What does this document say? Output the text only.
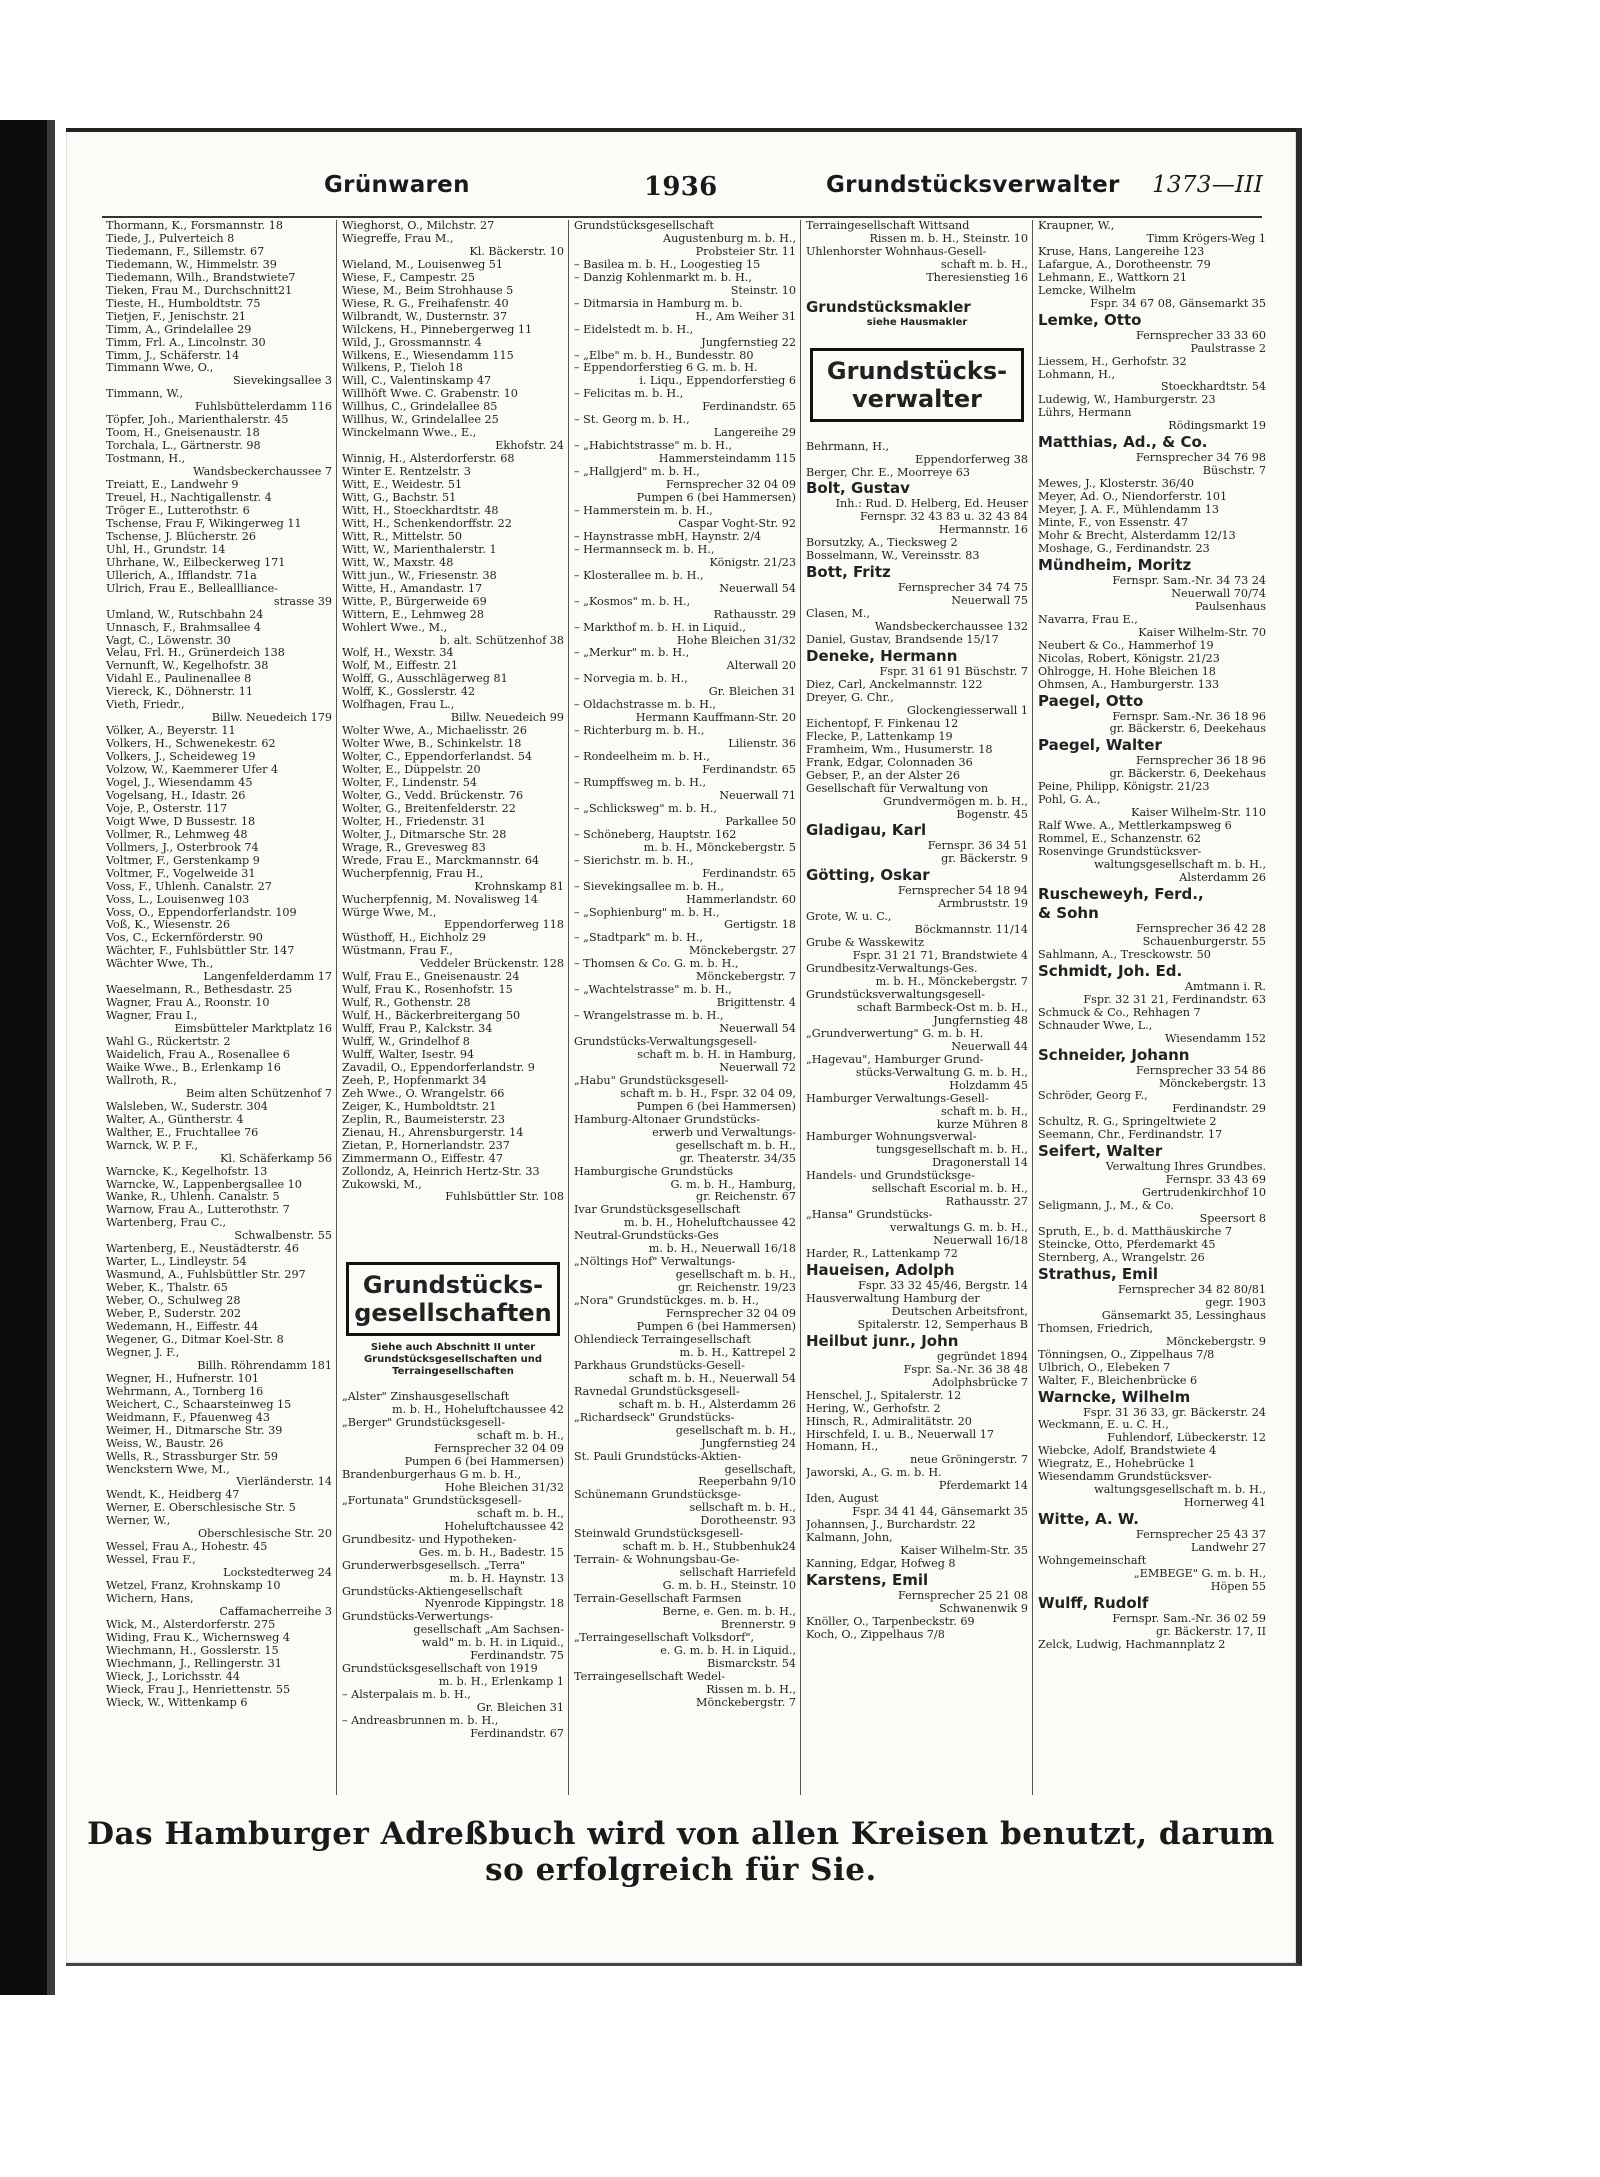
Grünwaren	1936	Grundstücksverwalter 1373—III
Thormann, K., Forsmannstr. 18
Tiede, J., Pulverteich 8
Tiedemann, F., Sillemstr. 67
Tiedemann, W., Himmelstr. 39
Tiedemann, Wilh., Brandstwiete7
Tieken, Frau M., Durchschnitt21
Tieste, H., Humboldtstr. 75
Tietjen, F., Jenischstr. 21
Timm, A., Grindelallee 29
Timm, Frl. A., Lincolnstr. 30
Timm, J., Schäferstr. 14
Timmann Wwe, O.,
Sievekingsallee 3
Timmann, W.,
Fuhlsbüttelerdamm 116
Töpfer, Joh., Marienthalerstr. 45
Toom, H., Gneisenaustr. 18
Torchala, L., Gärtnerstr. 98
Tostmann, H.,
Wandsbeckerchaussee 7
Treiatt, E., Landwehr 9
Treuel, H., Nachtigallenstr. 4
Tröger E., Lutterothstr. 6
Tschense, Frau F, Wikingerweg 11
Tschense, J. Blücherstr. 26
Uhl, H., Grundstr. 14
Uhrhane, W., Eilbeckerweg 171
Ullerich, A., Ifflandstr. 71a
Ulrich, Frau E., Belleallliance-
strasse 39
Umland, W., Rutschbahn 24
Unnasch, F., Brahmsallee 4
Vagt, C., Löwenstr. 30
Velau, Frl. H., Grünerdeich 138
Vernunft, W., Kegelhofstr. 38
Vidahl E., Paulinenallee 8
Viereck, K., Döhnerstr. 11
Vieth, Friedr.,
Billw. Neuedeich 179
Völker, A., Beyerstr. 11
Volkers, H., Schwenekestr. 62
Volkers, J., Scheideweg 19
Volzow, W., Kaemmerer Ufer 4
Vogel, J., Wiesendamm 45
Vogelsang, H., Idastr. 26
Voje, P., Osterstr. 117
Voigt Wwe, D Bussestr. 18
Vollmer, R., Lehmweg 48
Vollmers, J., Osterbrook 74
Voltmer, F., Gerstenkamp 9
Voltmer, F., Vogelweide 31
Voss, F., Uhlenh. Canalstr. 27
Voss, L., Louisenweg 103
Voss, O., Eppendorferlandstr. 109
Voß, K., Wiesenstr. 26
Vos, C., Eckernförderstr. 90
Wächter, F., Fuhlsbüttler Str. 147
Wächter Wwe, Th.,
Langenfelderdamm 17
Waeselmann, R., Bethesdastr. 25
Wagner, Frau A., Roonstr. 10
Wagner, Frau I.,
Eimsbütteler Marktplatz 16
Wahl G., Rückertstr. 2
Waidelich, Frau A., Rosenallee 6
Waike Wwe., B., Erlenkamp 16
Wallroth, R.,
Beim alten Schützenhof 7
Walsleben, W., Suderstr. 304
Walter, A., Güntherstr. 4
Walther, E., Fruchtallee 76
Warnck, W. P. F.,
Kl. Schäferkamp 56
Warncke, K., Kegelhofstr. 13
Warncke, W., Lappenbergsallee 10
Wanke, R., Uhlenh. Canalstr. 5
Warnow, Frau A., Lutterothstr. 7
Wartenberg, Frau C.,
Schwalbenstr. 55
Wartenberg, E., Neustädterstr. 46
Warter, L., Lindleystr. 54
Wasmund, A., Fuhlsbüttler Str. 297
Weber, K., Thalstr. 65
Weber, O., Schulweg 28
Weber, P., Suderstr. 202
Wedemann, H., Eiffestr. 44
Wegener, G., Ditmar Koel-Str. 8
Wegner, J. F.,
Billh. Röhrendamm 181
Wegner, H., Hufnerstr. 101
Wehrmann, A., Tornberg 16
Weichert, C., Schaarsteinweg 15
Weidmann, F., Pfauenweg 43
Weimer, H., Ditmarsche Str. 39
Weiss, W., Baustr. 26
Wells, R., Strassburger Str. 59
Wenckstern Wwe, M.,
Vierländerstr. 14
Wendt, K., Heidberg 47
Werner, E. Oberschlesische Str. 5
Werner, W.,
Oberschlesische Str. 20
Wessel, Frau A., Hohestr. 45
Wessel, Frau F.,
Lockstedterweg 24
Wetzel, Franz, Krohnskamp 10
Wichern, Hans,
Caffamacherreihe 3
Wick, M., Alsterdorferstr. 275
Widing, Frau K., Wichernsweg 4
Wiechmann, H., Gosslerstr. 15
Wiechmann, J., Rellingerstr. 31
Wieck, J., Lorichsstr. 44
Wieck, Frau J., Henriettenstr. 55
Wieck, W., Wittenkamp 6
Wieghorst, O., Milchstr. 27
Wiegreffe, Frau M.,
Kl. Bäckerstr. 10
Wieland, M., Louisenweg 51
Wiese, F., Campestr. 25
Wiese, M., Beim Strohhause 5
Wiese, R. G., Freihafenstr. 40
Wilbrandt, W., Dusternstr. 37
Wilckens, H., Pinnebergerweg 11
Wild, J., Grossmannstr. 4
Wilkens, E., Wiesendamm 115
Wilkens, P., Tieloh 18
Will, C., Valentinskamp 47
Willhöft Wwe. C. Grabenstr. 10
Willhus, C., Grindelallee 85
Willhus, W., Grindelallee 25
Winckelmann Wwe., E.,
Ekhofstr. 24
Winnig, H., Alsterdorferstr. 68
Winter E. Rentzelstr. 3
Witt, E., Weidestr. 51
Witt, G., Bachstr. 51
Witt, H., Stoeckhardtstr. 48
Witt, H., Schenkendorffstr. 22
Witt, R., Mittelstr. 50
Witt, W., Marienthalerstr. 1
Witt, W., Maxstr. 48
Witt jun., W., Friesenstr. 38
Witte, H., Amandastr. 17
Witte, P., Bürgerweide 69
Wittern, E., Lehmweg 28
Wohlert Wwe., M.,
b. alt. Schützenhof 38
Wolf, H., Wexstr. 34
Wolf, M., Eiffestr. 21
Wolff, G., Ausschlägerweg 81
Wolff, K., Gosslerstr. 42
Wolfhagen, Frau L.,
Billw. Neuedeich 99
Wolter Wwe, A., Michaelisstr. 26
Wolter Wwe, B., Schinkelstr. 18
Wolter, C., Eppendorferlandst. 54
Wolter, E., Düppelstr. 20
Wolter, F., Lindenstr. 54
Wolter, G., Vedd. Brückenstr. 76
Wolter, G., Breitenfelderstr. 22
Wolter, H., Friedenstr. 31
Wolter, J., Ditmarsche Str. 28
Wrage, R., Grevesweg 83
Wrede, Frau E., Marckmannstr. 64
Wucherpfennig, Frau H.,
Krohnskamp 81
Wucherpfennig, M. Novalisweg 14
Würge Wwe, M.,
Eppendorferweg 118
Wüsthoff, H., Eichholz 29
Wüstmann, Frau F.,
Veddeler Brückenstr. 128
Wulf, Frau E., Gneisenaustr. 24
Wulf, Frau K., Rosenhofstr. 15
Wulf, R., Gothenstr. 28
Wulf, H., Bäckerbreitergang 50
Wulff, Frau P., Kalckstr. 34
Wulff, W., Grindelhof 8
Wulff, Walter, Isestr. 94
Zavadil, O., Eppendorferlandstr. 9
Zeeh, P., Hopfenmarkt 34
Zeh Wwe., O. Wrangelstr. 66
Zeiger, K., Humboldtstr. 21
Zeplin, R., Baumeisterstr. 23
Zienau, H., Ahrensburgerstr. 14
Zietan, P., Hornerlandstr. 237
Zimmermann O., Eiffestr. 47
Zollondz, A, Heinrich Hertz-Str. 33
Zukowski, M.,
Fuhlsbüttler Str. 108

Grundstücks-
gesellschaften
Siehe auch Abschnitt II unter
Grundstücksgesellschaften und
Terraingesellschaften

„Alster" Zinshausgesellschaft
m. b. H., Hoheluftchaussee 42
„Berger" Grundstücksgesell-
schaft m. b. H.,
Fernsprecher 32 04 09
Pumpen 6 (bei Hammersen)
Brandenburgerhaus G m. b. H.,
Hohe Bleichen 31/32
„Fortunata" Grundstücksgesell-
schaft m. b. H.,
Hoheluftchaussee 42
Grundbesitz- und Hypotheken-
Ges. m. b. H., Badestr. 15
Grunderwerbsgesellsch. „Terra"
m. b. H. Haynstr. 13
Grundstücks-Aktiengesellschaft
Nyenrode Kippingstr. 18
Grundstücks-Verwertungs-
gesellschaft „Am Sachsen-
wald" m. b. H. in Liquid.,
Ferdinandstr. 75
Grundstücksgesellschaft von 1919
m. b. H., Erlenkamp 1
– Alsterpalais m. b. H.,
Gr. Bleichen 31
– Andreasbrunnen m. b. H.,
Ferdinandstr. 67
Grundstücksgesellschaft
Augustenburg m. b. H.,
Probsteier Str. 11
– Basilea m. b. H., Loogestieg 15
– Danzig Kohlenmarkt m. b. H.,
Steinstr. 10
– Ditmarsia in Hamburg m. b.
H., Am Weiher 31
– Eidelstedt m. b. H.,
Jungfernstieg 22
– „Elbe" m. b. H., Bundesstr. 80
– Eppendorferstieg 6 G. m. b. H.
i. Liqu., Eppendorferstieg 6
– Felicitas m. b. H.,
Ferdinandstr. 65
– St. Georg m. b. H.,
Langereihe 29
– „Habichtstrasse" m. b. H.,
Hammersteindamm 115
– „Hallgjerd" m. b. H.,
Fernsprecher 32 04 09
Pumpen 6 (bei Hammersen)
– Hammerstein m. b. H.,
Caspar Voght-Str. 92
– Haynstrasse mbH, Haynstr. 2/4
– Hermannseck m. b. H.,
Königstr. 21/23
– Klosterallee m. b. H.,
Neuerwall 54
– „Kosmos" m. b. H.,
Rathausstr. 29
– Markthof m. b. H. in Liquid.,
Hohe Bleichen 31/32
– „Merkur" m. b. H.,
Alterwall 20
– Norvegia m. b. H.,
Gr. Bleichen 31
– Oldachstrasse m. b. H.,
Hermann Kauffmann-Str. 20
– Richterburg m. b. H.,
Lilienstr. 36
– Rondeelheim m. b. H.,
Ferdinandstr. 65
– Rumpffsweg m. b. H.,
Neuerwall 71
– „Schlicksweg" m. b. H.,
Parkallee 50
– Schöneberg, Hauptstr. 162
m. b. H., Mönckebergstr. 5
– Sierichstr. m. b. H.,
Ferdinandstr. 65
– Sievekingsallee m. b. H.,
Hammerlandstr. 60
– „Sophienburg" m. b. H.,
Gertigstr. 18
– „Stadtpark" m. b. H.,
Mönckebergstr. 27
– Thomsen & Co. G. m. b. H.,
Mönckebergstr. 7
– „Wachtelstrasse" m. b. H.,
Brigittenstr. 4
– Wrangelstrasse m. b. H.,
Neuerwall 54
Grundstücks-Verwaltungsgesell-
schaft m. b. H. in Hamburg,
Neuerwall 72
„Habu" Grundstücksgesell-
schaft m. b. H., Fspr. 32 04 09,
Pumpen 6 (bei Hammersen)
Hamburg-Altonaer Grundstücks-
erwerb und Verwaltungs-
gesellschaft m. b. H.,
gr. Theaterstr. 34/35
Hamburgische Grundstücks
G. m. b. H., Hamburg,
gr. Reichenstr. 67
Ivar Grundstücksgesellschaft
m. b. H., Hoheluftchaussee 42
Neutral-Grundstücks-Ges
m. b. H., Neuerwall 16/18
„Nöltings Hof" Verwaltungs-
gesellschaft m. b. H.,
gr. Reichenstr. 19/23
„Nora" Grundstückges. m. b. H.,
Fernsprecher 32 04 09
Pumpen 6 (bei Hammersen)
Ohlendieck Terraingesellschaft
m. b. H., Kattrepel 2
Parkhaus Grundstücks-Gesell-
schaft m. b. H., Neuerwall 54
Ravnedal Grundstücksgesell-
schaft m. b. H., Alsterdamm 26
„Richardseck" Grundstücks-
gesellschaft m. b. H.,
Jungfernstieg 24
St. Pauli Grundstücks-Aktien-
gesellschaft,
Reeperbahn 9/10
Schünemann Grundstücksge-
sellschaft m. b. H.,
Dorotheenstr. 93
Steinwald Grundstücksgesell-
schaft m. b. H., Stubbenhuk24
Terrain- & Wohnungsbau-Ge-
sellschaft Harriefeld
G. m. b. H., Steinstr. 10
Terrain-Gesellschaft Farmsen
Berne, e. Gen. m. b. H.,
Brennerstr. 9
„Terraingesellschaft Volksdorf",
e. G. m. b. H. in Liquid.,
Bismarckstr. 54
Terraingesellschaft Wedel-
Rissen m. b. H.,
Mönckebergstr. 7
Terraingesellschaft Wittsand
Rissen m. b. H., Steinstr. 10
Uhlenhorster Wohnhaus-Gesell-
schaft m. b. H.,
Theresienstieg 16

Grundstücksmakler
siehe Hausmakler

Grundstücks-
verwalter

Behrmann, H.,
Eppendorferweg 38
Berger, Chr. E., Moorreye 63
Bolt, Gustav
Inh.: Rud. D. Helberg, Ed. Heuser
Fernspr. 32 43 83 u. 32 43 84
Hermannstr. 16
Borsutzky, A., Tiecksweg 2
Bosselmann, W., Vereinsstr. 83
Bott, Fritz
Fernsprecher 34 74 75
Neuerwall 75
Clasen, M.,
Wandsbeckerchaussee 132
Daniel, Gustav, Brandsende 15/17
Deneke, Hermann
Fspr. 31 61 91 Büschstr. 7
Diez, Carl, Anckelmannstr. 122
Dreyer, G. Chr.,
Glockengiesserwall 1
Eichentopf, F. Finkenau 12
Flecke, P., Lattenkamp 19
Framheim, Wm., Husumerstr. 18
Frank, Edgar, Colonnaden 36
Gebser, P., an der Alster 26
Gesellschaft für Verwaltung von
Grundvermögen m. b. H.,
Bogenstr. 45
Gladigau, Karl
Fernspr. 36 34 51
gr. Bäckerstr. 9
Götting, Oskar
Fernsprecher 54 18 94
Armbruststr. 19
Grote, W. u. C.,
Böckmannstr. 11/14
Grube & Wasskewitz
Fspr. 31 21 71, Brandstwiete 4
Grundbesitz-Verwaltungs-Ges.
m. b. H., Mönckebergstr. 7
Grundstücksverwaltungsgesell-
schaft Barmbeck-Ost m. b. H.,
Jungfernstieg 48
„Grundverwertung" G. m. b. H.
Neuerwall 44
„Hagevau", Hamburger Grund-
stücks-Verwaltung G. m. b. H.,
Holzdamm 45
Hamburger Verwaltungs-Gesell-
schaft m. b. H.,
kurze Mühren 8
Hamburger Wohnungsverwal-
tungsgesellschaft m. b. H.,
Dragonerstall 14
Handels- und Grundstücksge-
sellschaft Escorial m. b. H.,
Rathausstr. 27
„Hansa" Grundstücks-
verwaltungs G. m. b. H.,
Neuerwall 16/18
Harder, R., Lattenkamp 72
Haueisen, Adolph
Fspr. 33 32 45/46, Bergstr. 14
Hausverwaltung Hamburg der
Deutschen Arbeitsfront,
Spitalerstr. 12, Semperhaus B
Heilbut junr., John
gegründet 1894
Fspr. Sa.-Nr. 36 38 48
Adolphsbrücke 7
Henschel, J., Spitalerstr. 12
Hering, W., Gerhofstr. 2
Hinsch, R., Admiralitätstr. 20
Hirschfeld, I. u. B., Neuerwall 17
Homann, H.,
neue Gröningerstr. 7
Jaworski, A., G. m. b. H.
Pferdemarkt 14
Iden, August
Fspr. 34 41 44, Gänsemarkt 35
Johannsen, J., Burchardstr. 22
Kalmann, John,
Kaiser Wilhelm-Str. 35
Kanning, Edgar, Hofweg 8
Karstens, Emil
Fernsprecher 25 21 08
Schwanenwik 9
Knöller, O., Tarpenbeckstr. 69
Koch, O., Zippelhaus 7/8
Kraupner, W.,
Timm Krögers-Weg 1
Kruse, Hans, Langereihe 123
Lafargue, A., Dorotheenstr. 79
Lehmann, E., Wattkorn 21
Lemcke, Wilhelm
Fspr. 34 67 08, Gänsemarkt 35
Lemke, Otto
Fernsprecher 33 33 60
Paulstrasse 2
Liessem, H., Gerhofstr. 32
Lohmann, H.,
Stoeckhardtstr. 54
Ludewig, W., Hamburgerstr. 23
Lührs, Hermann
Rödingsmarkt 19
Matthias, Ad., & Co.
Fernsprecher 34 76 98
Büschstr. 7
Mewes, J., Klosterstr. 36/40
Meyer, Ad. O., Niendorferstr. 101
Meyer, J. A. F., Mühlendamm 13
Minte, F., von Essenstr. 47
Mohr & Brecht, Alsterdamm 12/13
Moshage, G., Ferdinandstr. 23
Mündheim, Moritz
Fernspr. Sam.-Nr. 34 73 24
Neuerwall 70/74
Paulsenhaus
Navarra, Frau E.,
Kaiser Wilhelm-Str. 70
Neubert & Co., Hammerhof 19
Nicolas, Robert, Königstr. 21/23
Ohlrogge, H. Hohe Bleichen 18
Ohmsen, A., Hamburgerstr. 133
Paegel, Otto
Fernspr. Sam.-Nr. 36 18 96
gr. Bäckerstr. 6, Deekehaus
Paegel, Walter
Fernsprecher 36 18 96
gr. Bäckerstr. 6, Deekehaus
Peine, Philipp, Königstr. 21/23
Pohl, G. A.,
Kaiser Wilhelm-Str. 110
Ralf Wwe. A., Mettlerkampsweg 6
Rommel, E., Schanzenstr. 62
Rosenvinge Grundstücksver-
waltungsgesellschaft m. b. H.,
Alsterdamm 26
Ruscheweyh, Ferd.,
& Sohn
Fernsprecher 36 42 28
Schauenburgerstr. 55
Sahlmann, A., Tresckowstr. 50
Schmidt, Joh. Ed.
Amtmann i. R.
Fspr. 32 31 21, Ferdinandstr. 63
Schmuck & Co., Rehhagen 7
Schnauder Wwe, L.,
Wiesendamm 152
Schneider, Johann
Fernsprecher 33 54 86
Mönckebergstr. 13
Schröder, Georg F.,
Ferdinandstr. 29
Schultz, R. G., Springeltwiete 2
Seemann, Chr., Ferdinandstr. 17
Seifert, Walter
Verwaltung Ihres Grundbes.
Fernspr. 33 43 69
Gertrudenkirchhof 10
Seligmann, J., M., & Co.
Speersort 8
Spruth, E., b. d. Matthäuskirche 7
Steincke, Otto, Pferdemarkt 45
Sternberg, A., Wrangelstr. 26
Strathus, Emil
Fernsprecher 34 82 80/81
gegr. 1903
Gänsemarkt 35, Lessinghaus
Thomsen, Friedrich,
Mönckebergstr. 9
Tönningsen, O., Zippelhaus 7/8
Ulbrich, O., Elebeken 7
Walter, F., Bleichenbrücke 6
Warncke, Wilhelm
Fspr. 31 36 33, gr. Bäckerstr. 24
Weckmann, E. u. C. H.,
Fuhlendorf, Lübeckerstr. 12
Wiebcke, Adolf, Brandstwiete 4
Wiegratz, E., Hohebrücke 1
Wiesendamm Grundstücksver-
waltungsgesellschaft m. b. H.,
Hornerweg 41
Witte, A. W.
Fernsprecher 25 43 37
Landwehr 27
Wohngemeinschaft
„EMBEGE" G. m. b. H.,
Höpen 55
Wulff, Rudolf
Fernspr. Sam.-Nr. 36 02 59
gr. Bäckerstr. 17, II
Zelck, Ludwig, Hachmannplatz 2
Das Hamburger Adreßbuch wird von allen Kreisen benutzt, darum so erfolgreich für Sie.
